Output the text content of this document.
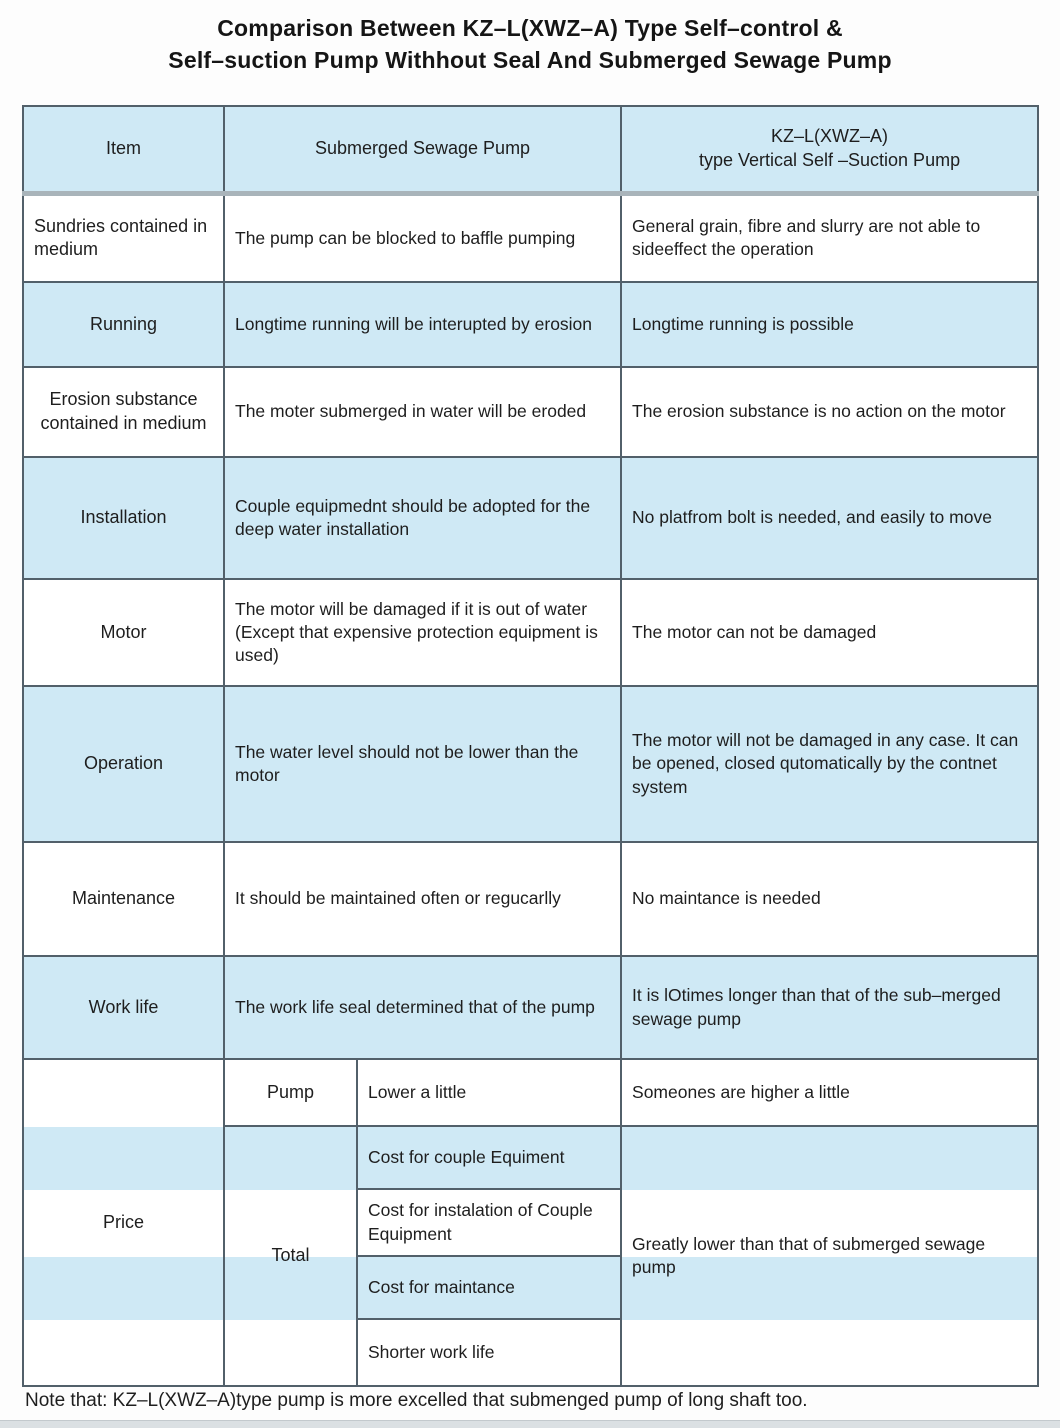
Comparison Between KZ–L(XWZ–A) Type Self–control &
Self–suction Pump Withhout Seal And Submerged Sewage Pump
Item	Submerged Sewage Pump		KZ–L(XWZ–A)
type Vertical Self –Suction Pump

Sundries contained in medium	The pump can be blocked to baffle pumping		General grain, fibre and slurry are not able to sideeffect the operation
Running	Longtime running will be interupted by erosion		Longtime running is possible
Erosion substance contained in medium	The moter submerged in water will be eroded		The erosion substance is no action on the motor
Installation	Couple equipmednt should be adopted for the deep water installation		No platfrom bolt is needed, and easily to move
Motor	The motor will be damaged if it is out of water (Except that expensive protection equipment is used)		The motor can not be damaged
Operation	The water level should not be lower than the motor		The motor will not be damaged in any case. It can be opened, closed qutomatically by the contnet system
Maintenance	It should be maintained often or regucarlly		No maintance is needed
Work life	The work life seal determined that of the pump		It is lOtimes longer than that of the sub–merged sewage pump
Price	Pump	Lower a little	Someones are higher a little
	Total	Cost for couple Equiment	Greatly lower than that of submerged sewage pump
		Cost for instalation of Couple Equipment	
		Cost for maintance	
		Shorter work life	
Note that: KZ–L(XWZ–A)type pump is more excelled that submenged pump of long shaft too.
